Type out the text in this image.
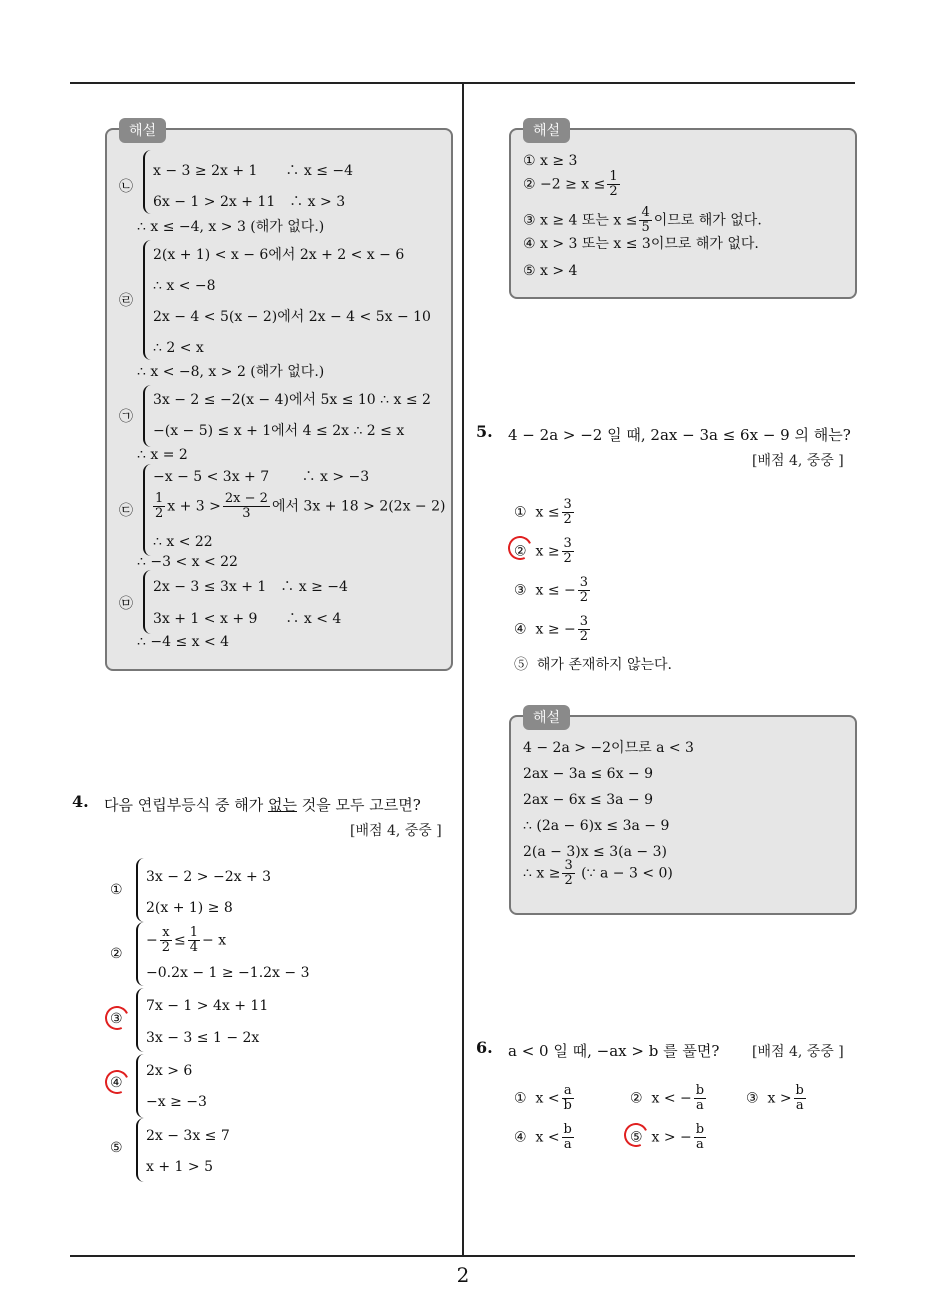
2
해설
㉡
x − 3 ≥ 2x + 1　　∴ x ≤ −4
6x − 1 > 2x + 11　∴ x > 3
∴ x ≤ −4, x > 3 (해가 없다.)
㉣
2(x + 1) < x − 6에서 2x + 2 < x − 6
∴ x < −8
2x − 4 < 5(x − 2)에서 2x − 4 < 5x − 10
∴ 2 < x
∴ x < −8, x > 2 (해가 없다.)
㉠
3x − 2 ≤ −2(x − 4)에서 5x ≤ 10 ∴ x ≤ 2
−(x − 5) ≤ x + 1에서 4 ≤ 2x ∴ 2 ≤ x
∴ x = 2
㉢
−x − 5 < 3x + 7　　 ∴ x > −3
$\frac{1}{2}$ $x + 3 > \frac{2x - 2}{3}$ 에서 3x + 18 > 2(2x − 2)
∴ x < 22
∴ −3 < x < 22
㉤
2x − 3 ≤ 3x + 1　∴ x ≥ −4
3x + 1 < x + 9　　∴ x < 4
∴ −4 ≤ x < 4
해설
① x ≥ 3
② $-2 \ge x \le \frac{1}{2}$
③ x ≥ 4 또는 $x \le \frac{4}{5}$ 이므로 해가 없다.
④ x > 3 또는 x ≤ 3이므로 해가 없다.
⑤ x > 4
4. 다음 연립부등식 중 해가 없는 것을 모두 고르면?
[배점 4, 중중 ]
①
3x − 2 > −2x + 3
2(x + 1) ≥ 8
②
− $\frac{x}{2} \le \frac{1}{4} - x$
−0.2x − 1 ≥ −1.2x − 3
③
7x − 1 > 4x + 11
3x − 3 ≤ 1 − 2x
④
2x > 6
−x ≥ −3
⑤
2x − 3x ≤ 7
x + 1 > 5
5. 4 − 2a > −2 일 때, 2ax − 3a ≤ 6x − 9 의 해는?
[배점 4, 중중 ]
① $x \le \frac{3}{2}$
② $x \ge \frac{3}{2}$
③ x ≤ − $\frac{3}{2}$
④ x ≥ − $\frac{3}{2}$
⑤ 해가 존재하지 않는다.
해설
4 − 2a > −2이므로 a < 3
2ax − 3a ≤ 6x − 9
2ax − 6x ≤ 3a − 9
∴ (2a − 6)x ≤ 3a − 9
2(a − 3)x ≤ 3(a − 3)
∴ $x \ge \frac{3}{2}$ (∵ a − 3 < 0)
6. a < 0 일 때, −ax > b 를 풀면? [배점 4, 중중 ]
① $x < \frac{a}{b}$	② x < − $\frac{b}{a}$	③ $x > \frac{b}{a}$
④ $x < \frac{b}{a}$	⑤ x > − $\frac{b}{a}$
